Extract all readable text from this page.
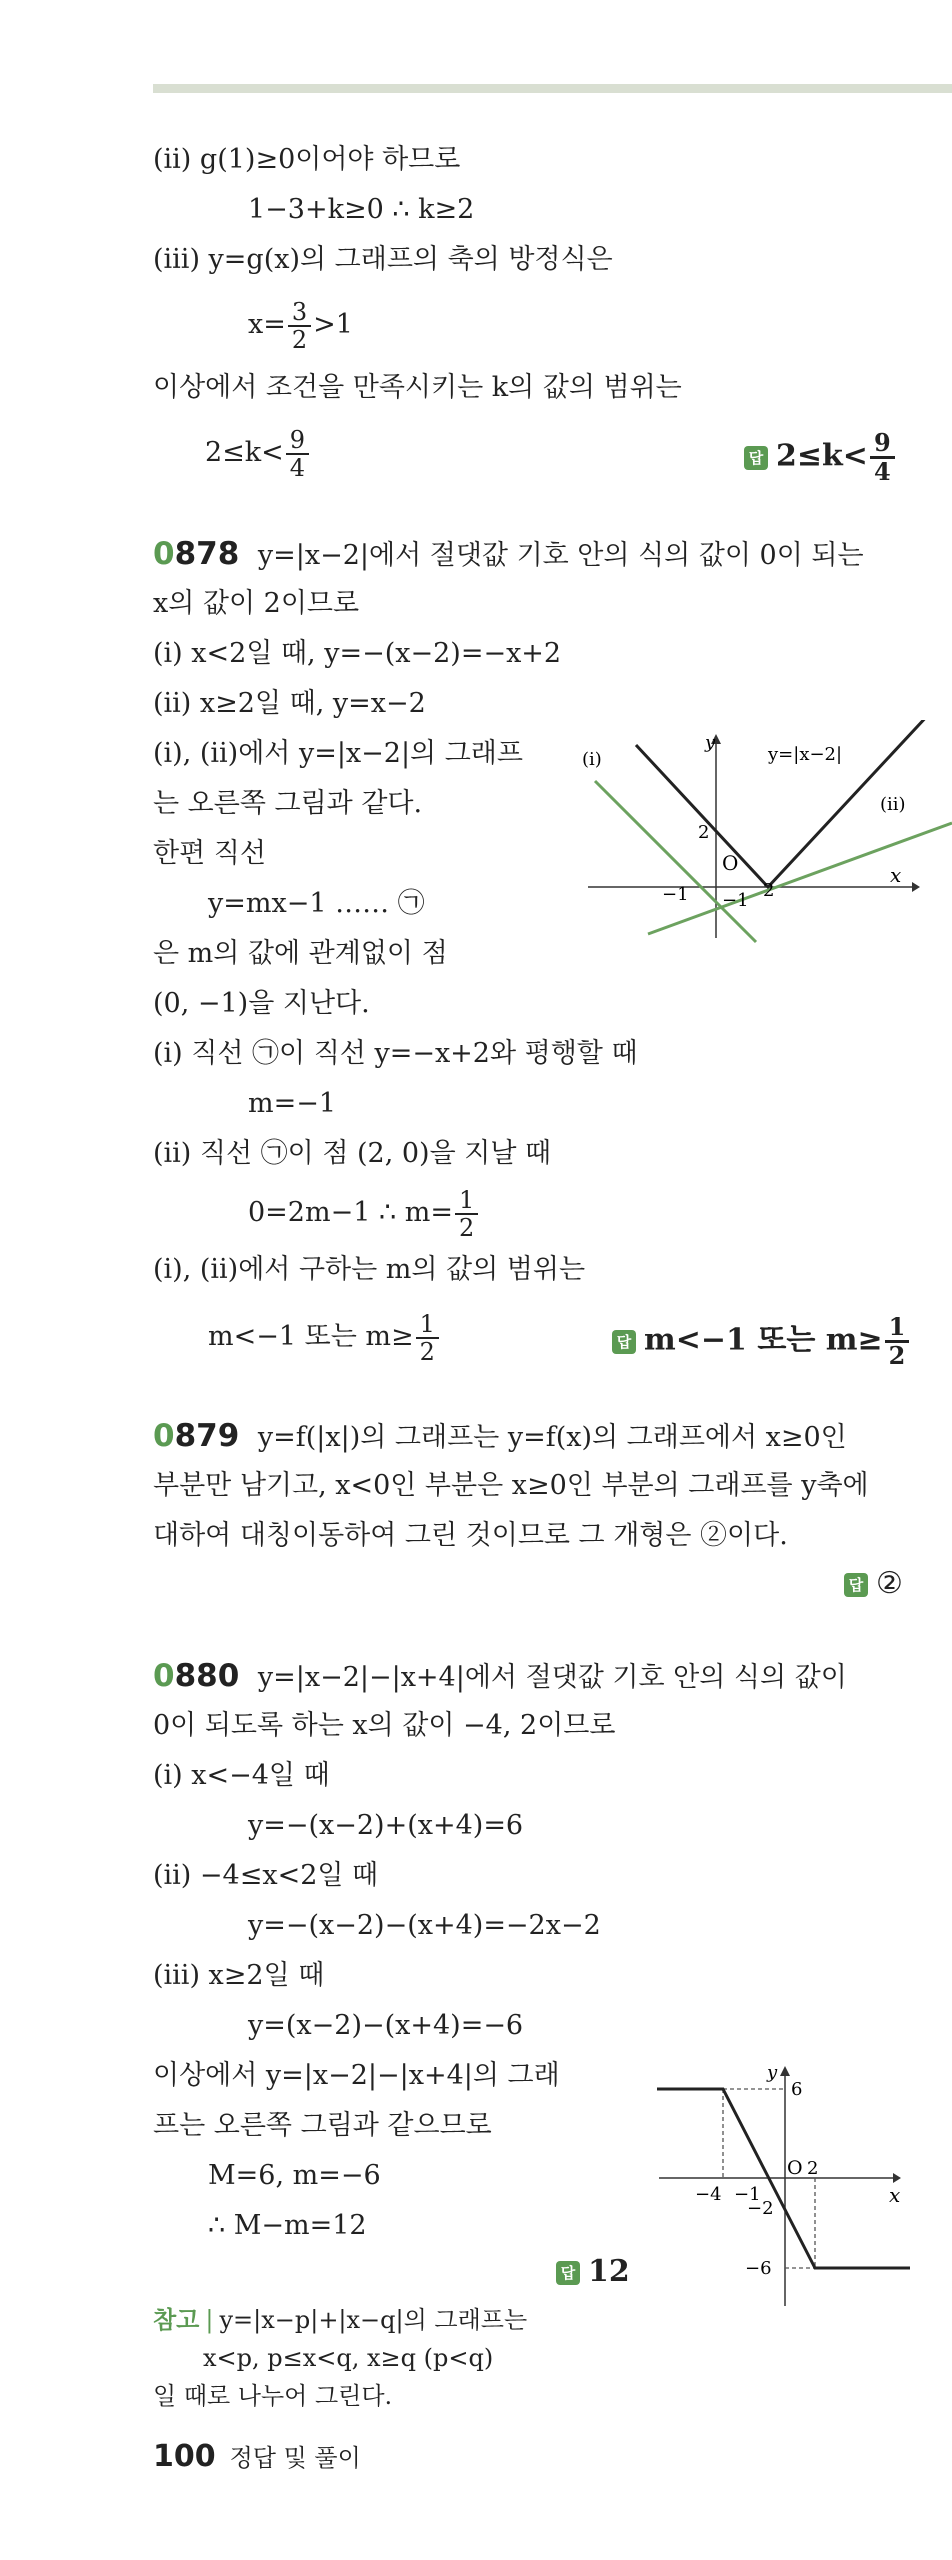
(ⅱ) g(1)≥0이어야 하므로
1−3+k≥0 ∴ k≥2
(ⅲ) y=g(x)의 그래프의 축의 방정식은
$x= \frac{3}{2} >1$
이상에서 조건을 만족시키는 k의 값의 범위는
$2\le k< \frac{9}{4}$	답 $2\le k< \frac{9}{4}$
0878 y=|x−2|에서 절댓값 기호 안의 식의 값이 0이 되는
x의 값이 2이므로
(ⅰ) x<2일 때, y=−(x−2)=−x+2
(ⅱ) x≥2일 때, y=x−2
(ⅰ), (ⅱ)에서 y=|x−2|의 그래프
는 오른쪽 그림과 같다.
한편 직선
y=mx−1 …… ㉠
은 m의 값에 관계없이 점
(0, −1)을 지난다.
(ⅰ) 직선 ㉠이 직선 y=−x+2와 평행할 때
m=−1
(ⅱ) 직선 ㉠이 점 (2, 0)을 지날 때
0=2m−1 ∴ $m= \frac{1}{2}$
(ⅰ), (ⅱ)에서 구하는 m의 값의 범위는
m<−1 또는 $m\ge \frac{1}{2}$	답 m<−1 또는 $m\ge \frac{1}{2}$
y
x
O
y=|x−2|
(ⅰ)
(ⅱ)
2
−1 −1 2
0879 y=f(|x|)의 그래프는 y=f(x)의 그래프에서 x≥0인
부분만 남기고, x<0인 부분은 x≥0인 부분의 그래프를 y축에
대하여 대칭이동하여 그린 것이므로 그 개형은 ②이다.
답 ②
0880 y=|x−2|−|x+4|에서 절댓값 기호 안의 식의 값이
0이 되도록 하는 x의 값이 −4, 2이므로
(ⅰ) x<−4일 때
y=−(x−2)+(x+4)=6
(ⅱ) −4≤x<2일 때
y=−(x−2)−(x+4)=−2x−2
(ⅲ) x≥2일 때
y=(x−2)−(x+4)=−6
이상에서 y=|x−2|−|x+4|의 그래
프는 오른쪽 그림과 같으므로
M=6, m=−6
∴ M−m=12
답 12
y
x
O
6
−6
−2
−4 −1
2
참고 | y=|x−p|+|x−q|의 그래프는
x<p, p≤x<q, x≥q (p<q)
일 때로 나누어 그린다.
100 정답 및 풀이
